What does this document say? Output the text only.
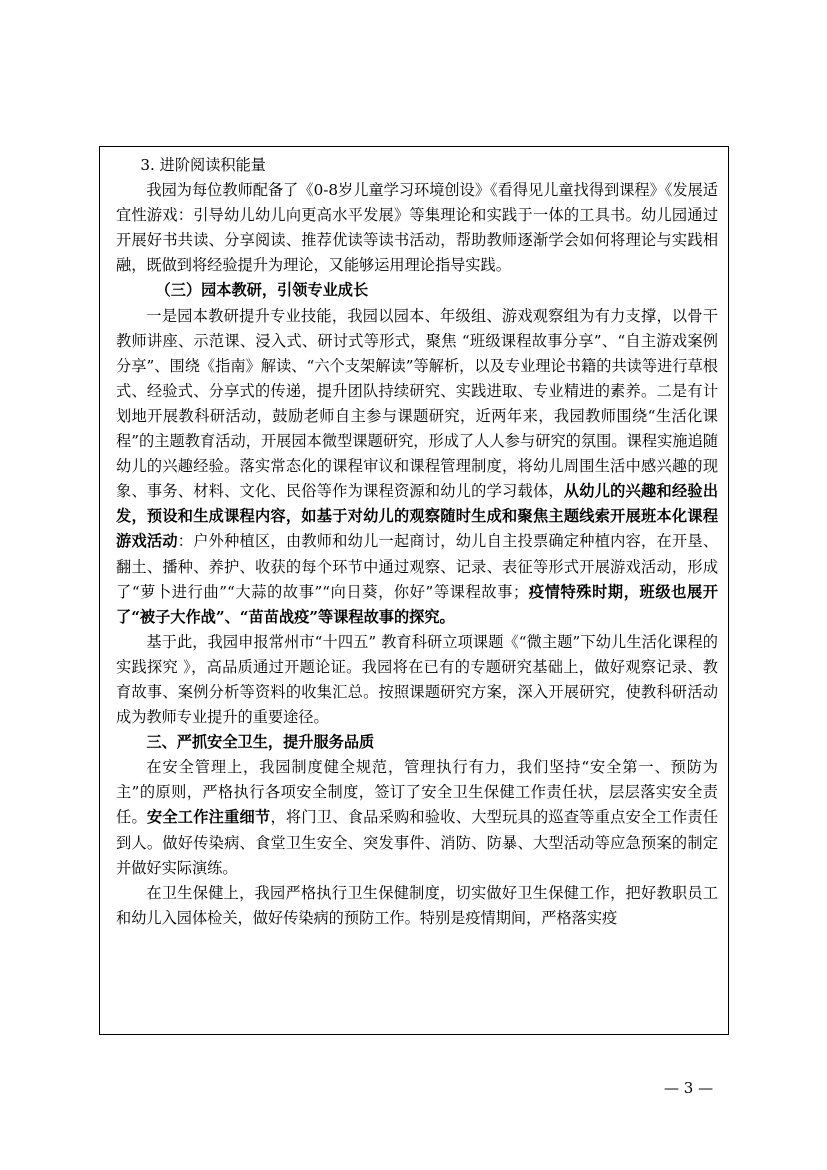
3. 进阶阅读积能量

我园为每位教师配备了《0-8岁儿童学习环境创设》《看得见儿童找得到课程》《发展适宜性游戏：引导幼儿幼儿向更高水平发展》等集理论和实践于一体的工具书。幼儿园通过开展好书共读、分享阅读、推荐优读等读书活动，帮助教师逐渐学会如何将理论与实践相融，既做到将经验提升为理论，又能够运用理论指导实践。

（三）园本教研，引领专业成长

一是园本教研提升专业技能，我园以园本、年级组、游戏观察组为有力支撑，以骨干教师讲座、示范课、浸入式、研讨式等形式，聚焦 “班级课程故事分享”、“自主游戏案例分享”、围绕《指南》解读、“六个支架解读”等解析，以及专业理论书籍的共读等进行草根式、经验式、分享式的传递，提升团队持续研究、实践进取、专业精进的素养。二是有计划地开展教科研活动，鼓励老师自主参与课题研究，近两年来，我园教师围绕“生活化课程”的主题教育活动，开展园本微型课题研究，形成了人人参与研究的氛围。课程实施追随幼儿的兴趣经验。落实常态化的课程审议和课程管理制度，将幼儿周围生活中感兴趣的现象、事务、材料、文化、民俗等作为课程资源和幼儿的学习载体，从幼儿的兴趣和经验出发，预设和生成课程内容，如基于对幼儿的观察随时生成和聚焦主题线索开展班本化课程游戏活动：户外种植区，由教师和幼儿一起商讨，幼儿自主投票确定种植内容，在开垦、翻土、播种、养护、收获的每个环节中通过观察、记录、表征等形式开展游戏活动，形成了“萝卜进行曲”“大蒜的故事”“向日葵，你好”等课程故事；疫情特殊时期，班级也展开了“被子大作战”、“苗苗战疫”等课程故事的探究。

基于此，我园申报常州市“十四五” 教育科研立项课题《“微主题”下幼儿生活化课程的实践探究 》，高品质通过开题论证。我园将在已有的专题研究基础上，做好观察记录、教育故事、案例分析等资料的收集汇总。按照课题研究方案，深入开展研究，使教科研活动成为教师专业提升的重要途径。

三、严抓安全卫生，提升服务品质

在安全管理上，我园制度健全规范，管理执行有力，我们坚持“安全第一、预防为主”的原则，严格执行各项安全制度，签订了安全卫生保健工作责任状，层层落实安全责任。安全工作注重细节，将门卫、食品采购和验收、大型玩具的巡查等重点安全工作责任到人。做好传染病、食堂卫生安全、突发事件、消防、防暴、大型活动等应急预案的制定并做好实际演练。

在卫生保健上，我园严格执行卫生保健制度，切实做好卫生保健工作，把好教职员工和幼儿入园体检关，做好传染病的预防工作。特别是疫情期间，严格落实疫

— 3 —
